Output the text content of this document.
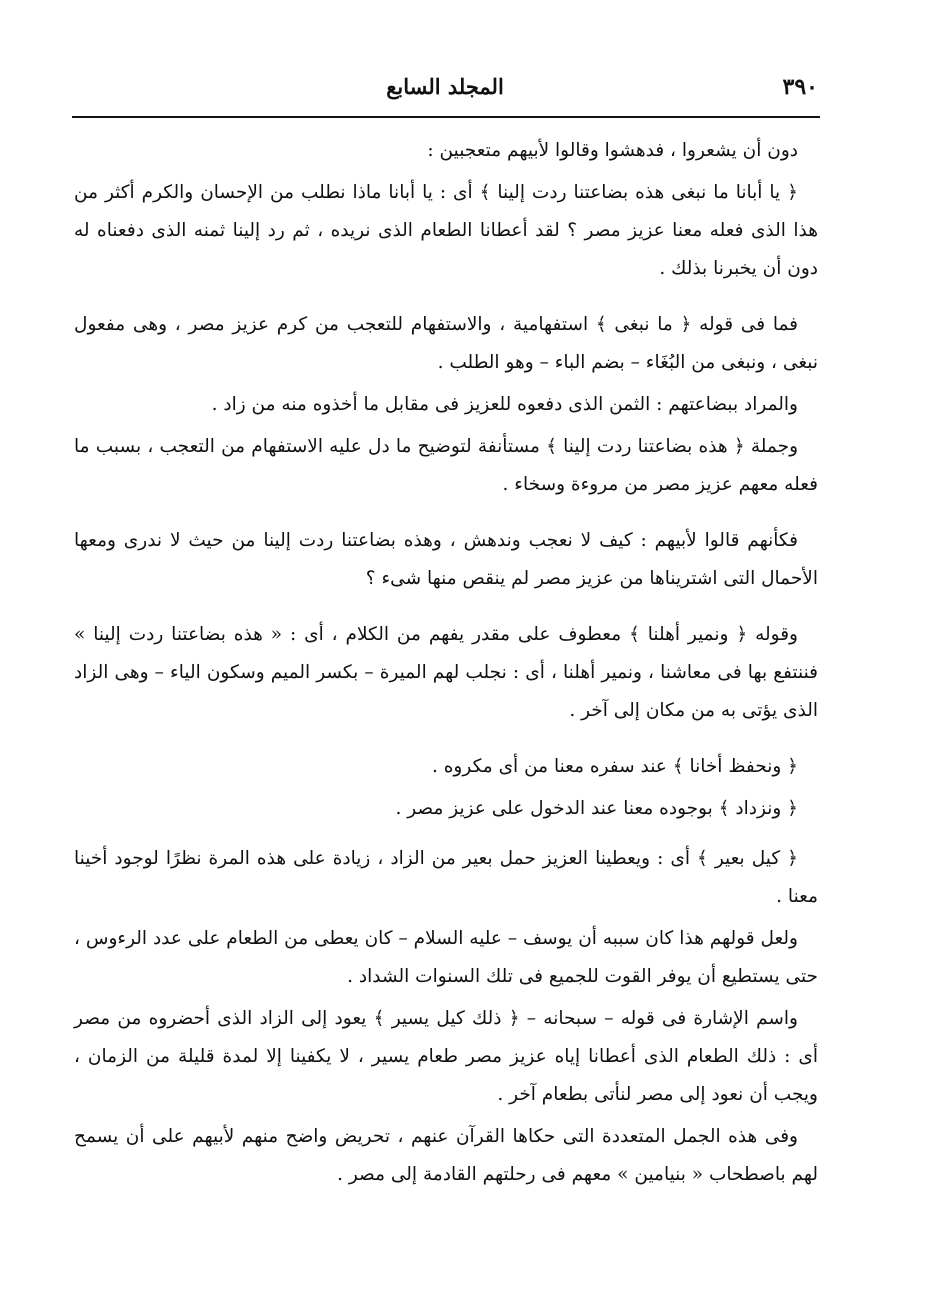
٣٩٠
المجلد السابع

دون أن يشعروا ، فدهشوا وقالوا لأبيهم متعجبين :

﴿ يا أبانا ما نبغى هذه بضاعتنا ردت إلينا ﴾ أى : يا أبانا ماذا نطلب من الإحسان والكرم أكثر من هذا الذى فعله معنا عزيز مصر ؟ لقد أعطانا الطعام الذى نريده ، ثم رد إلينا ثمنه الذى دفعناه له دون أن يخبرنا بذلك .

فما فى قوله ﴿ ما نبغى ﴾ استفهامية ، والاستفهام للتعجب من كرم عزيز مصر ، وهى مفعول نبغى ، ونبغى من البُغَاء – بضم الباء – وهو الطلب .

والمراد ببضاعتهم : الثمن الذى دفعوه للعزيز فى مقابل ما أخذوه منه من زاد .

وجملة ﴿ هذه بضاعتنا ردت إلينا ﴾ مستأنفة لتوضيح ما دل عليه الاستفهام من التعجب ، بسبب ما فعله معهم عزيز مصر من مروءة وسخاء .

فكأنهم قالوا لأبيهم : كيف لا نعجب وندهش ، وهذه بضاعتنا ردت إلينا من حيث لا ندرى ومعها الأحمال التى اشتريناها من عزيز مصر لم ينقص منها شىء ؟

وقوله ﴿ ونمير أهلنا ﴾ معطوف على مقدر يفهم من الكلام ، أى : « هذه بضاعتنا ردت إلينا » فننتفع بها فى معاشنا ، ونمير أهلنا ، أى : نجلب لهم الميرة – بكسر الميم وسكون الياء – وهى الزاد الذى يؤتى به من مكان إلى آخر .

﴿ ونحفظ أخانا ﴾ عند سفره معنا من أى مكروه .

﴿ ونزداد ﴾ بوجوده معنا عند الدخول على عزيز مصر .

﴿ كيل بعير ﴾ أى : ويعطينا العزيز حمل بعير من الزاد ، زيادة على هذه المرة نظرًا لوجود أخينا معنا .

ولعل قولهم هذا كان سببه أن يوسف – عليه السلام – كان يعطى من الطعام على عدد الرءوس ، حتى يستطيع أن يوفر القوت للجميع فى تلك السنوات الشداد .

واسم الإشارة فى قوله – سبحانه – ﴿ ذلك كيل يسير ﴾ يعود إلى الزاد الذى أحضروه من مصر أى : ذلك الطعام الذى أعطانا إياه عزيز مصر طعام يسير ، لا يكفينا إلا لمدة قليلة من الزمان ، ويجب أن نعود إلى مصر لنأتى بطعام آخر .

وفى هذه الجمل المتعددة التى حكاها القرآن عنهم ، تحريض واضح منهم لأبيهم على أن يسمح لهم باصطحاب « بنيامين » معهم فى رحلتهم القادمة إلى مصر .
